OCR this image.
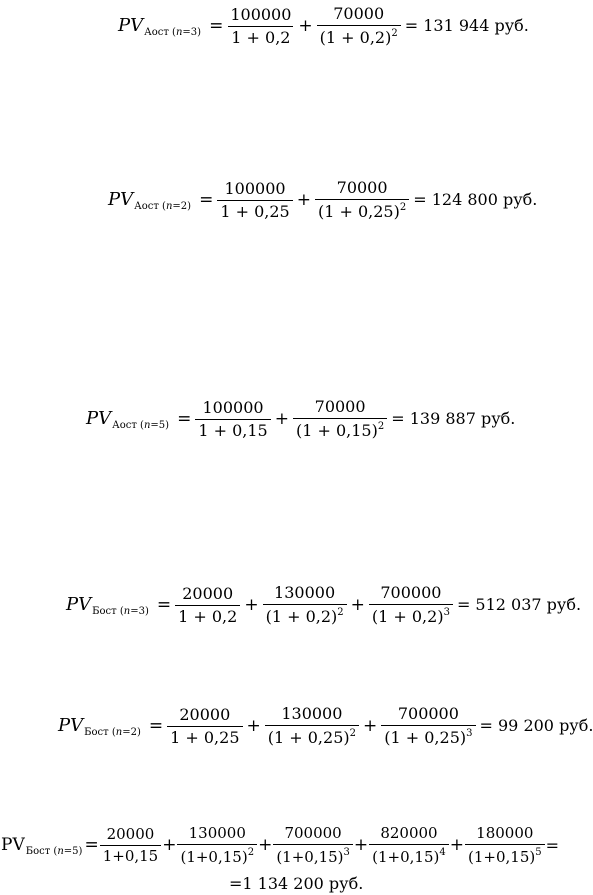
PV Аост $(n=3) = \frac{100000}{1 + 0,2} + \frac{70000}{(1 + 0,2)^2} = 131$ 944 руб.
PV Аост $(n=2) = \frac{100000}{1 + 0,25} + \frac{70000}{(1 + 0,25)^2} = 124$ 800 руб.
PV Аост $(n=5) = \frac{100000}{1 + 0,15} + \frac{70000}{(1 + 0,15)^2} = 139$ 887 руб.
PV Бост $(n=3) = \frac{20000}{1 + 0,2} + \frac{130000}{(1 + 0,2)^2} + \frac{700000}{(1 + 0,2)^3} = 512$ 037 руб.
PV Бост $(n=2) = \frac{20000}{1 + 0,25} + \frac{130000}{(1 + 0,25)^2} + \frac{700000}{(1 + 0,25)^3} = 99$ 200 руб.
PV Бост $(n=5) = \frac{20000}{1+0,15} + \frac{130000}{(1+0,15)^2} + \frac{700000}{(1+0,15)^3} + \frac{820000}{(1+0,15)^4} + \frac{180000}{(1+0,15)^5}$ =
=1 134 200 руб.
